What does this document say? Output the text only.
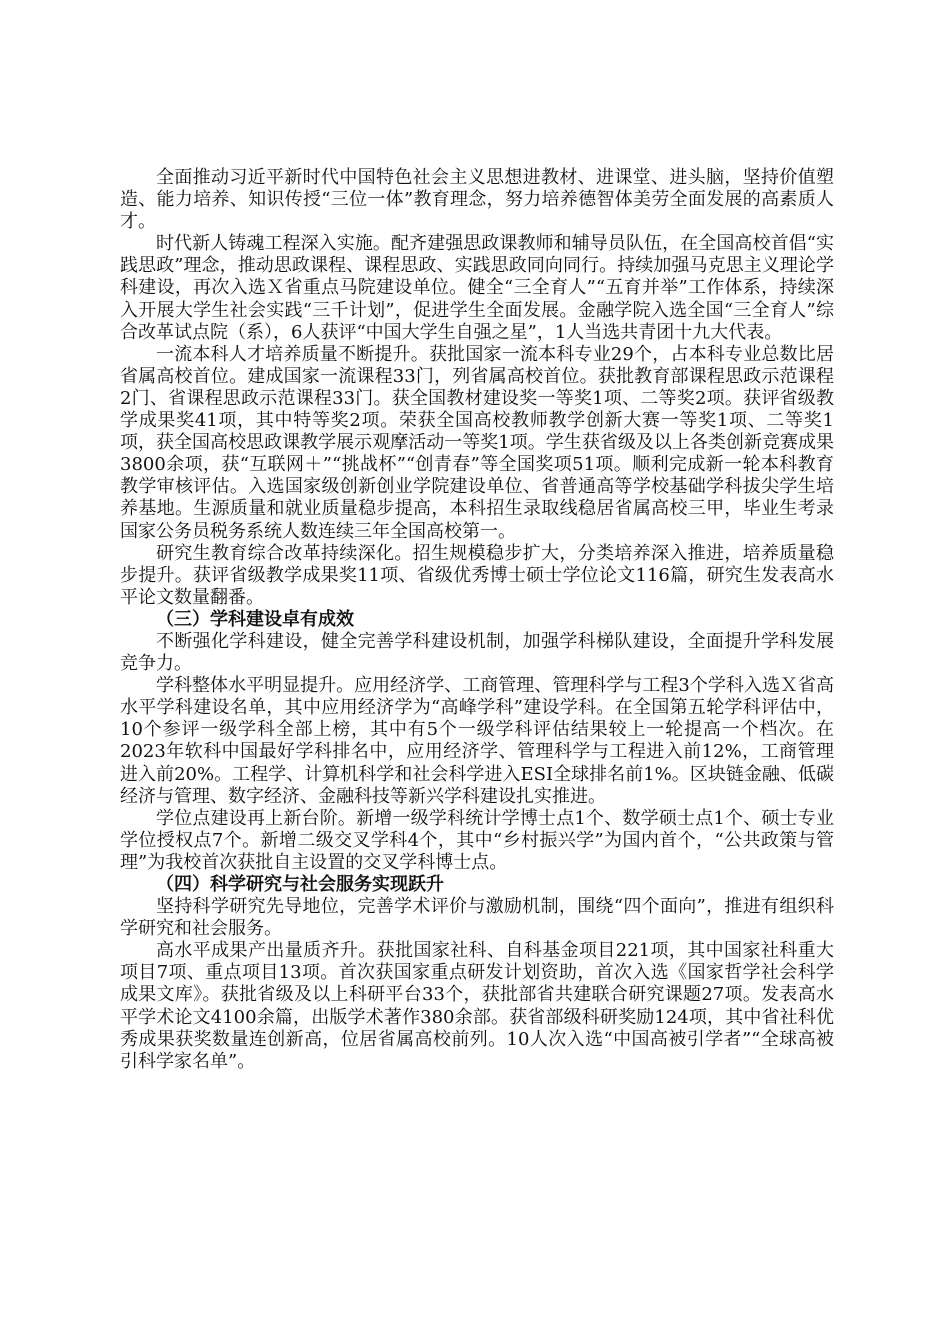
全面推动习近平新时代中国特色社会主义思想进教材、进课堂、进头脑，坚持价值塑造、能力培养、知识传授“三位一体”教育理念，努力培养德智体美劳全面发展的高素质人才。

时代新人铸魂工程深入实施。配齐建强思政课教师和辅导员队伍，在全国高校首倡“实践思政”理念，推动思政课程、课程思政、实践思政同向同行。持续加强马克思主义理论学科建设，再次入选Ｘ省重点马院建设单位。健全“三全育人”“五育并举”工作体系，持续深入开展大学生社会实践“三千计划”，促进学生全面发展。金融学院入选全国“三全育人”综合改革试点院（系），6人获评“中国大学生自强之星”，1人当选共青团十九大代表。

一流本科人才培养质量不断提升。获批国家一流本科专业29个，占本科专业总数比居省属高校首位。建成国家一流课程33门，列省属高校首位。获批教育部课程思政示范课程2门、省课程思政示范课程33门。获全国教材建设奖一等奖1项、二等奖2项。获评省级教学成果奖41项，其中特等奖2项。荣获全国高校教师教学创新大赛一等奖1项、二等奖1项，获全国高校思政课教学展示观摩活动一等奖1项。学生获省级及以上各类创新竞赛成果3800余项，获“互联网＋”“挑战杯”“创青春”等全国奖项51项。顺利完成新一轮本科教育教学审核评估。入选国家级创新创业学院建设单位、省普通高等学校基础学科拔尖学生培养基地。生源质量和就业质量稳步提高，本科招生录取线稳居省属高校三甲，毕业生考录国家公务员税务系统人数连续三年全国高校第一。

研究生教育综合改革持续深化。招生规模稳步扩大，分类培养深入推进，培养质量稳步提升。获评省级教学成果奖11项、省级优秀博士硕士学位论文116篇，研究生发表高水平论文数量翻番。

（三）学科建设卓有成效

不断强化学科建设，健全完善学科建设机制，加强学科梯队建设，全面提升学科发展竞争力。

学科整体水平明显提升。应用经济学、工商管理、管理科学与工程3个学科入选Ｘ省高水平学科建设名单，其中应用经济学为“高峰学科”建设学科。在全国第五轮学科评估中，10个参评一级学科全部上榜，其中有5个一级学科评估结果较上一轮提高一个档次。在2023年软科中国最好学科排名中，应用经济学、管理科学与工程进入前12%，工商管理进入前20%。工程学、计算机科学和社会科学进入ESI全球排名前1%。区块链金融、低碳经济与管理、数字经济、金融科技等新兴学科建设扎实推进。

学位点建设再上新台阶。新增一级学科统计学博士点1个、数学硕士点1个、硕士专业学位授权点7个。新增二级交叉学科4个，其中“乡村振兴学”为国内首个，“公共政策与管理”为我校首次获批自主设置的交叉学科博士点。

（四）科学研究与社会服务实现跃升

坚持科学研究先导地位，完善学术评价与激励机制，围绕“四个面向”，推进有组织科学研究和社会服务。

高水平成果产出量质齐升。获批国家社科、自科基金项目221项，其中国家社科重大项目7项、重点项目13项。首次获国家重点研发计划资助，首次入选《国家哲学社会科学成果文库》。获批省级及以上科研平台33个，获批部省共建联合研究课题27项。发表高水平学术论文4100余篇，出版学术著作380余部。获省部级科研奖励124项，其中省社科优秀成果获奖数量连创新高，位居省属高校前列。10人次入选“中国高被引学者”“全球高被引科学家名单”。
